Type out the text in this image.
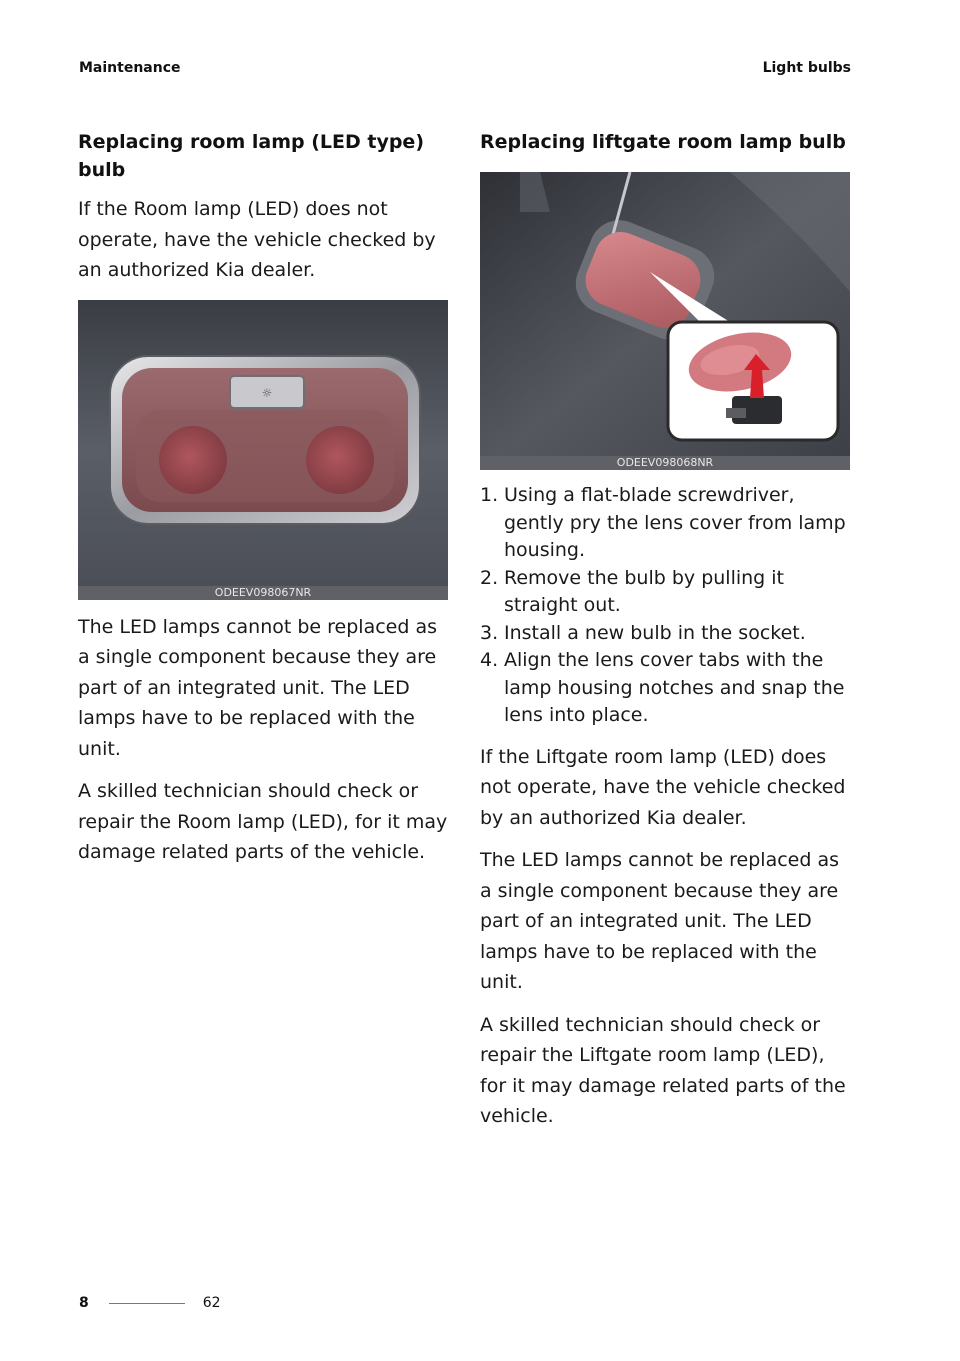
Maintenance	Light bulbs
Replacing room lamp (LED type) bulb

If the Room lamp (LED) does not operate, have the vehicle checked by an authorized Kia dealer.

☼
ODEEV098067NR

The LED lamps cannot be replaced as a single component because they are part of an integrated unit. The LED lamps have to be replaced with the unit.

A skilled technician should check or repair the Room lamp (LED), for it may damage related parts of the vehicle.

Replacing liftgate room lamp bulb
ODEEV098068NR
1. Using a flat-blade screwdriver, gently pry the lens cover from lamp housing.
2. Remove the bulb by pulling it straight out.
3. Install a new bulb in the socket.
4. Align the lens cover tabs with the lamp housing notches and snap the lens into place.

If the Liftgate room lamp (LED) does not operate, have the vehicle checked by an authorized Kia dealer.

The LED lamps cannot be replaced as a single component because they are part of an integrated unit. The LED lamps have to be replaced with the unit.

A skilled technician should check or repair the Liftgate room lamp (LED), for it may damage related parts of the vehicle.

8	62
